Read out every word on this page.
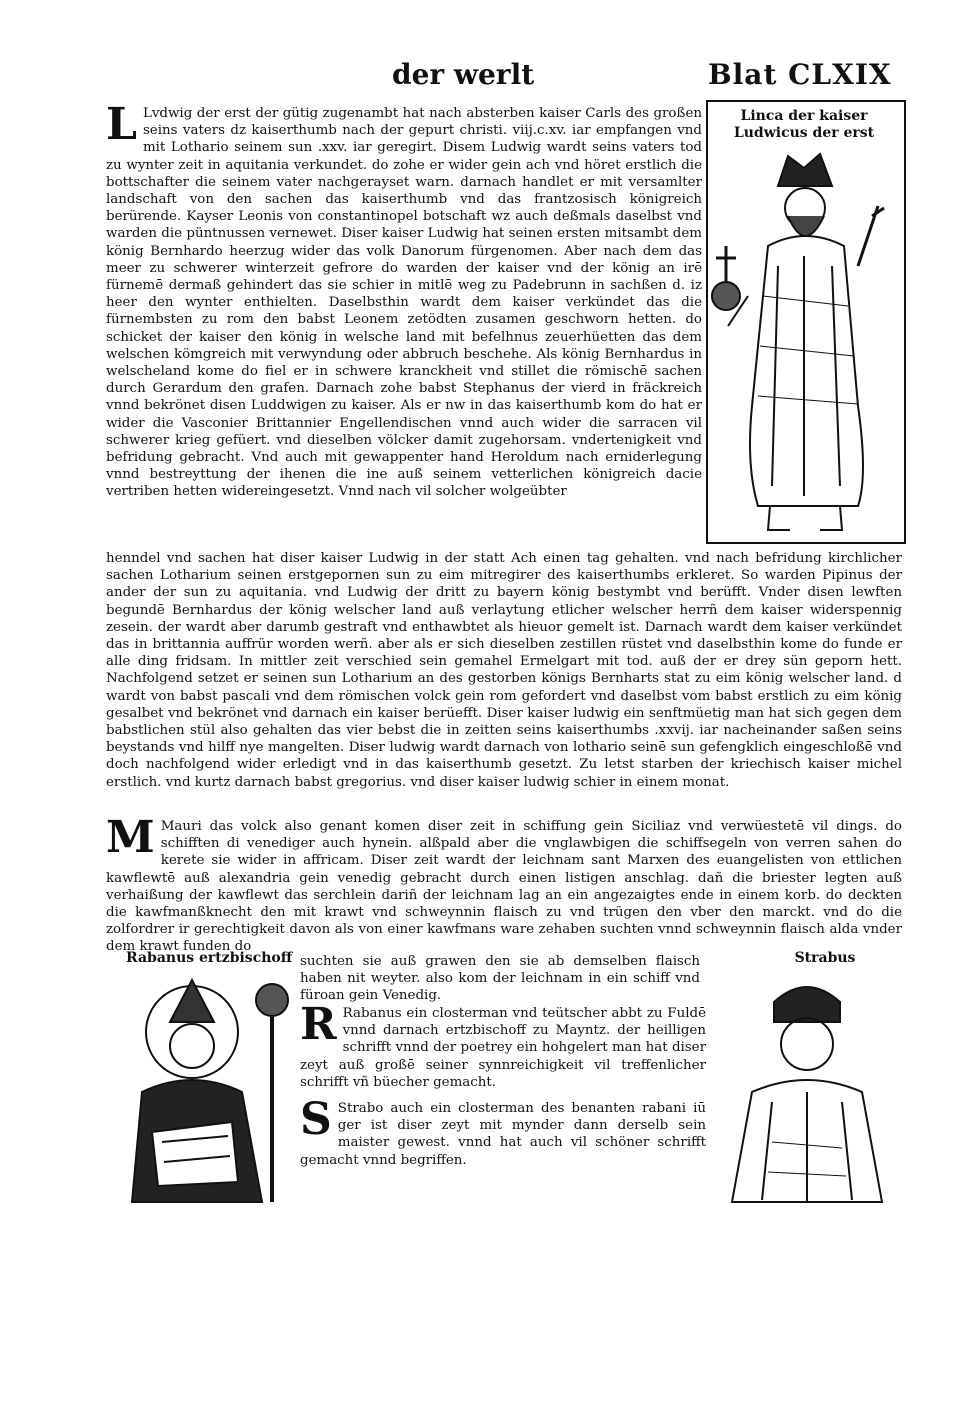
der werlt	Blat CLXIX
Linca der kaiser Ludwicus der erst
L Lvdwig der erst der gütig zugenambt hat nach absterben kaiser Carls des großen seins vaters dz kaiserthumb nach der gepurt christi. viij.c.xv. iar empfangen vnd mit Lothario seinem sun .xxv. iar geregirt. Disem Ludwig wardt seins vaters tod zu wynter zeit in aquitania verkundet. do zohe er wider gein ach vnd höret erstlich die bottschafter die seinem vater nachgerayset warn. darnach handlet er mit versamlter landschaft von den sachen das kaiserthumb vnd das frantzosisch königreich berürende. Kayser Leonis von constantinopel botschaft wz auch deßmals daselbst vnd warden die püntnussen vernewet. Diser kaiser Ludwig hat seinen ersten mitsambt dem könig Bernhardo heerzug wider das volk Danorum fürgenomen. Aber nach dem das meer zu schwerer winterzeit gefrore do warden der kaiser vnd der könig an irē fürnemē dermaß gehindert das sie schier in mitlē weg zu Padebrunn in sachßen d. iz heer den wynter enthielten. Daselbsthin wardt dem kaiser verkündet das die fürnembsten zu rom den babst Leonem zetödten zusamen geschworn hetten. do schicket der kaiser den könig in welsche land mit befelhnus zeuerhüetten das dem welschen kömgreich mit verwyndung oder abbruch beschehe. Als könig Bernhardus in welscheland kome do fiel er in schwere kranckheit vnd stillet die römischē sachen durch Gerardum den grafen. Darnach zohe babst Stephanus der vierd in fräckreich vnnd bekrönet disen Luddwigen zu kaiser. Als er nw in das kaiserthumb kom do hat er wider die Vasconier Brittannier Engellendischen vnnd auch wider die sarracen vil schwerer krieg gefüert. vnd dieselben völcker damit zugehorsam. vndertenigkeit vnd befridung gebracht. Vnd auch mit gewappenter hand Heroldum nach erniderlegung vnnd bestreyttung der ihenen die ine auß seinem vetterlichen königreich dacie vertriben hetten widereingesetzt. Vnnd nach vil solcher wolgeübter
henndel vnd sachen hat diser kaiser Ludwig in der statt Ach einen tag gehalten. vnd nach befridung kirchlicher sachen Lotharium seinen erstgepornen sun zu eim mitregirer des kaiserthumbs erkleret. So warden Pipinus der ander der sun zu aquitania. vnd Ludwig der dritt zu bayern könig bestymbt vnd berüfft. Vnder disen lewften begundē Bernhardus der könig welscher land auß verlaytung etlicher welscher herrñ dem kaiser widerspennig zesein. der wardt aber darumb gestraft vnd enthawbtet als hieuor gemelt ist. Darnach wardt dem kaiser verkündet das in brittannia auffrür worden werñ. aber als er sich dieselben zestillen rüstet vnd daselbsthin kome do funde er alle ding fridsam. In mittler zeit verschied sein gemahel Ermelgart mit tod. auß der er drey sün geporn hett. Nachfolgend setzet er seinen sun Lotharium an des gestorben königs Bernharts stat zu eim könig welscher land. d wardt von babst pascali vnd dem römischen volck gein rom gefordert vnd daselbst vom babst erstlich zu eim könig gesalbet vnd bekrönet vnd darnach ein kaiser berüefft. Diser kaiser ludwig ein senftmüetig man hat sich gegen dem babstlichen stül also gehalten das vier bebst die in zeitten seins kaiserthumbs .xxvij. iar nacheinander saßen seins beystands vnd hilff nye mangelten. Diser ludwig wardt darnach von lothario seinē sun gefengklich eingeschloßē vnd doch nachfolgend wider erledigt vnd in das kaiserthumb gesetzt. Zu letst starben der kriechisch kaiser michel erstlich. vnd kurtz darnach babst gregorius. vnd diser kaiser ludwig schier in einem monat.
M Mauri das volck also genant komen diser zeit in schiffung gein Siciliaz vnd verwüestetē vil dings. do schifften di venediger auch hynein. alßpald aber die vnglawbigen die schiffsegeln von verren sahen do kerete sie wider in affricam. Diser zeit wardt der leichnam sant Marxen des euangelisten von ettlichen kawflewtē auß alexandria gein venedig gebracht durch einen listigen anschlag. dañ die briester legten auß verhaißung der kawflewt das serchlein dariñ der leichnam lag an ein angezaigtes ende in einem korb. do deckten die kawfmanßknecht den mit krawt vnd schweynnin flaisch zu vnd trügen den vber den marckt. vnd do die zolfordrer ir gerechtigkeit davon als von einer kawfmans ware zehaben suchten vnnd schweynnin flaisch alda vnder dem krawt funden do
Rabanus ertzbischoff	Strabus
suchten sie auß grawen den sie ab demselben flaisch haben nit weyter. also kom der leichnam in ein schiff vnd füroan gein Venedig.
R Rabanus ein closterman vnd teütscher abbt zu Fuldē vnnd darnach ertzbischoff zu Mayntz. der heilligen schrifft vnnd der poetrey ein hohgelert man hat diser zeyt auß großē seiner synnreichigkeit vil treffenlicher schrifft vñ büecher gemacht.
S Strabo auch ein closterman des benanten rabani iū ger ist diser zeyt mit mynder dann derselb sein maister gewest. vnnd hat auch vil schöner schrifft gemacht vnnd begriffen.
